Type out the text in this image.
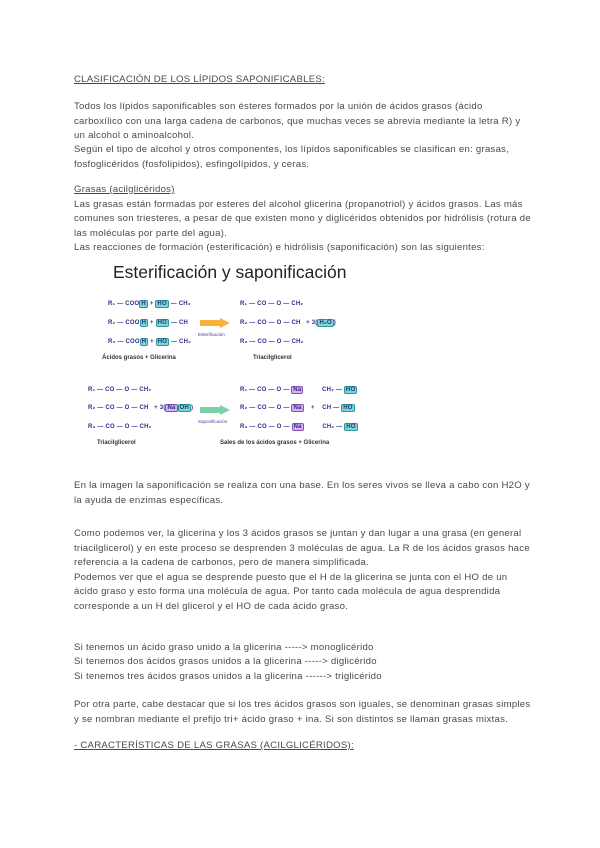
CLASIFICACIÓN DE LOS LÍPIDOS SAPONIFICABLES:
Todos los lípidos saponificables son ésteres formados por la unión de ácidos grasos (ácido
carboxílico con una larga cadena de carbonos, que muchas veces se abrevia mediante la letra R) y
un alcohol o aminoalcohol.
Según el tipo de alcohol y otros componentes, los lípidos saponificables se clasifican en: grasas,
fosfoglicéridos (fosfolipidos), esfingolípidos, y ceras.
Grasas (acilglicéridos)
Las grasas están formadas por esteres del alcohol glicerina (propanotriol) y ácidos grasos. Las más
comunes son triesteres, a pesar de que existen mono y diglicéridos obtenidos por hidrólisis (rotura de
las moléculas por parte del agua).
Las reacciones de formación (esterificación) e hidrólisis (saponificación) son las siguientes:
Esterificación y saponificación
R₁ — COO H + HO — CH₂
R₂ — COO H + HO — CH
R₃ — COO H + HO — CH₂
Ácidos grasos + Glicerina
Esterificación
R₁ — CO — O — CH₂
R₂ — CO — O — CH   + 3( H₂O )
R₃ — CO — O — CH₂
Triacilglicerol
R₁ — CO — O — CH₂
R₂ — CO — O — CH   + 3( Na OH )
R₃ — CO — O — CH₂
Triacilglicerol
Saponificación
R₁ — CO — O — Na          CH₂ — HO
R₂ — CO — O — Na    +    CH — HO
R₃ — CO — O — Na          CH₂ — HO
Sales de los ácidos grasos + Glicerina
En la imagen la saponificación se realiza con una base. En los seres vivos se lleva a cabo con H2O y
la ayuda de enzimas específicas.
Como podemos ver, la glicerina y los 3 ácidos grasos se juntan y dan lugar a una grasa (en general
triacilglicerol) y en este proceso se desprenden 3 moléculas de agua. La R de los ácidos grasos hace
referencia a la cadena de carbonos, pero de manera simplificada.
Podemos ver que el agua se desprende puesto que el H de la glicerina se junta con el HO de un
ácido graso y esto forma una molécula de agua. Por tanto cada molécula de agua desprendida
corresponde a un H del glicerol y el HO de cada ácido graso.
Si tenemos un ácido graso unido a la glicerina -----> monoglicérido
Si tenemos dos ácidos grasos unidos a la glicerina -----> diglicérido
Si tenemos tres ácidos grasos unidos a la glicerina ------> triglicérido
Por otra parte, cabe destacar que si los tres ácidos grasos son iguales, se denominan grasas simples
y se nombran mediante el prefijo tri+ ácido graso + ina. Si son distintos se llaman grasas mixtas.
- CARACTERÍSTICAS DE LAS GRASAS (ACILGLICÉRIDOS):
